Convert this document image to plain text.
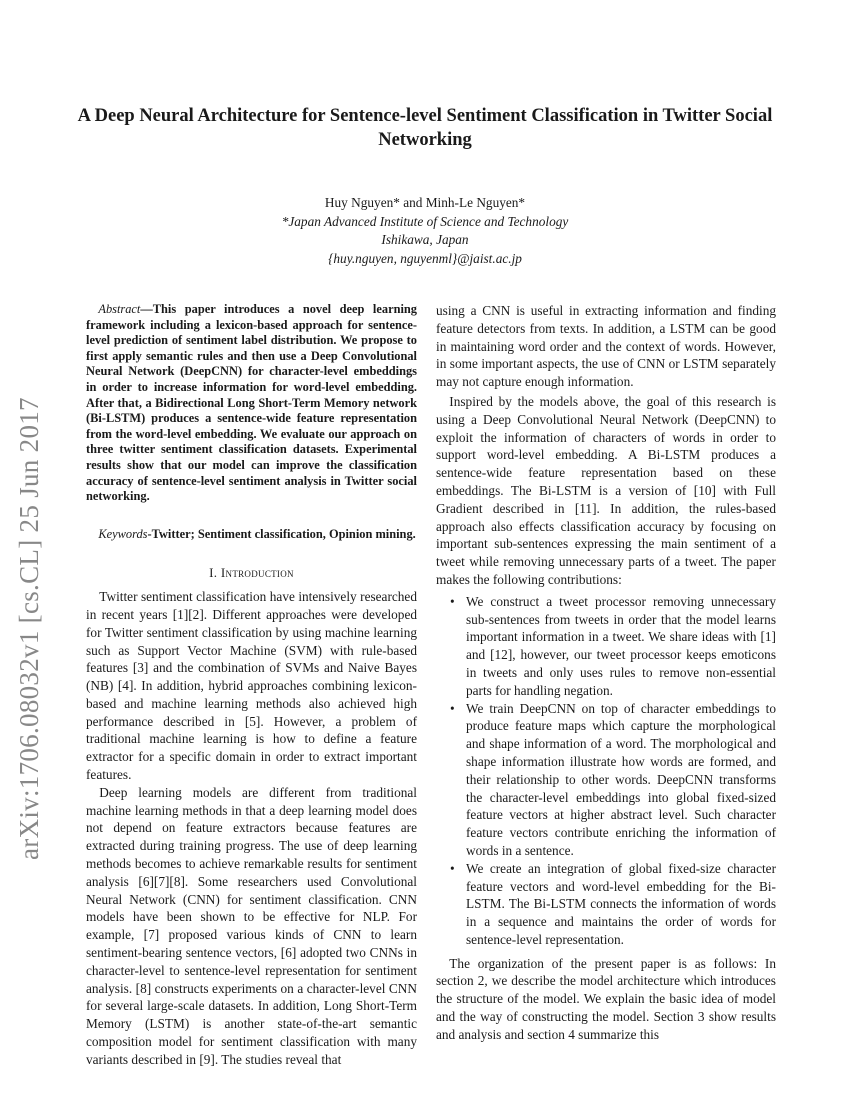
A Deep Neural Architecture for Sentence-level Sentiment Classification in Twitter Social Networking
Huy Nguyen* and Minh-Le Nguyen*
*Japan Advanced Institute of Science and Technology
Ishikawa, Japan
{huy.nguyen, nguyenml}@jaist.ac.jp
arXiv:1706.08032v1 [cs.CL] 25 Jun 2017

Abstract—This paper introduces a novel deep learning framework including a lexicon-based approach for sentence-level prediction of sentiment label distribution. We propose to first apply semantic rules and then use a Deep Convolutional Neural Network (DeepCNN) for character-level embeddings in order to increase information for word-level embedding. After that, a Bidirectional Long Short-Term Memory network (Bi-LSTM) produces a sentence-wide feature representation from the word-level embedding. We evaluate our approach on three twitter sentiment classification datasets. Experimental results show that our model can improve the classification accuracy of sentence-level sentiment analysis in Twitter social networking.

Keywords-Twitter; Sentiment classification, Opinion mining.

I. Introduction

Twitter sentiment classification have intensively researched in recent years [1][2]. Different approaches were developed for Twitter sentiment classification by using machine learning such as Support Vector Machine (SVM) with rule-based features [3] and the combination of SVMs and Naive Bayes (NB) [4]. In addition, hybrid approaches combining lexicon-based and machine learning methods also achieved high performance described in [5]. However, a problem of traditional machine learning is how to define a feature extractor for a specific domain in order to extract important features.

Deep learning models are different from traditional machine learning methods in that a deep learning model does not depend on feature extractors because features are extracted during training progress. The use of deep learning methods becomes to achieve remarkable results for sentiment analysis [6][7][8]. Some researchers used Convolutional Neural Network (CNN) for sentiment classification. CNN models have been shown to be effective for NLP. For example, [7] proposed various kinds of CNN to learn sentiment-bearing sentence vectors, [6] adopted two CNNs in character-level to sentence-level representation for sentiment analysis. [8] constructs experiments on a character-level CNN for several large-scale datasets. In addition, Long Short-Term Memory (LSTM) is another state-of-the-art semantic composition model for sentiment classification with many variants described in [9]. The studies reveal that

using a CNN is useful in extracting information and finding feature detectors from texts. In addition, a LSTM can be good in maintaining word order and the context of words. However, in some important aspects, the use of CNN or LSTM separately may not capture enough information.

Inspired by the models above, the goal of this research is using a Deep Convolutional Neural Network (DeepCNN) to exploit the information of characters of words in order to support word-level embedding. A Bi-LSTM produces a sentence-wide feature representation based on these embeddings. The Bi-LSTM is a version of [10] with Full Gradient described in [11]. In addition, the rules-based approach also effects classification accuracy by focusing on important sub-sentences expressing the main sentiment of a tweet while removing unnecessary parts of a tweet. The paper makes the following contributions:

• We construct a tweet processor removing unnecessary sub-sentences from tweets in order that the model learns important information in a tweet. We share ideas with [1] and [12], however, our tweet processor keeps emoticons in tweets and only uses rules to remove non-essential parts for handling negation.
• We train DeepCNN on top of character embeddings to produce feature maps which capture the morphological and shape information of a word. The morphological and shape information illustrate how words are formed, and their relationship to other words. DeepCNN transforms the character-level embeddings into global fixed-sized feature vectors at higher abstract level. Such character feature vectors contribute enriching the information of words in a sentence.
• We create an integration of global fixed-size character feature vectors and word-level embedding for the Bi-LSTM. The Bi-LSTM connects the information of words in a sequence and maintains the order of words for sentence-level representation.

The organization of the present paper is as follows: In section 2, we describe the model architecture which introduces the structure of the model. We explain the basic idea of model and the way of constructing the model. Section 3 show results and analysis and section 4 summarize this
